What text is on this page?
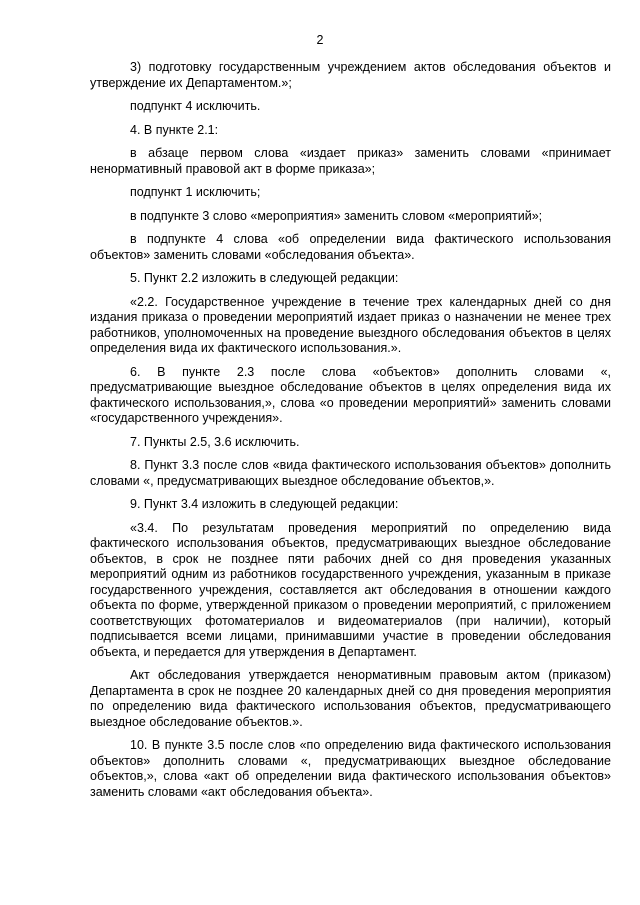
2

3) подготовку государственным учреждением актов обследования объектов и утверждение их Департаментом.»;

подпункт 4 исключить.

4. В пункте 2.1:

в абзаце первом слова «издает приказ» заменить словами «принимает ненормативный правовой акт в форме приказа»;

подпункт 1 исключить;

в подпункте 3 слово «мероприятия» заменить словом «мероприятий»;

в подпункте 4 слова «об определении вида фактического использования объектов» заменить словами «обследования объекта».

5. Пункт 2.2 изложить в следующей редакции:

«2.2. Государственное учреждение в течение трех календарных дней со дня издания приказа о проведении мероприятий издает приказ о назначении не менее трех работников, уполномоченных на проведение выездного обследования объектов в целях определения вида их фактического использования.».

6. В пункте 2.3 после слова «объектов» дополнить словами «, предусматривающие выездное обследование объектов в целях определения вида их фактического использования,», слова «о проведении мероприятий» заменить словами «государственного учреждения».

7. Пункты 2.5, 3.6 исключить.

8. Пункт 3.3 после слов «вида фактического использования объектов» дополнить словами «, предусматривающих выездное обследование объектов,».

9. Пункт 3.4 изложить в следующей редакции:

«3.4. По результатам проведения мероприятий по определению вида фактического использования объектов, предусматривающих выездное обследование объектов, в срок не позднее пяти рабочих дней со дня проведения указанных мероприятий одним из работников государственного учреждения, указанным в приказе государственного учреждения, составляется акт обследования в отношении каждого объекта по форме, утвержденной приказом о проведении мероприятий, с приложением соответствующих фотоматериалов и видеоматериалов (при наличии), который подписывается всеми лицами, принимавшими участие в проведении обследования объекта, и передается для утверждения в Департамент.

Акт обследования утверждается ненормативным правовым актом (приказом) Департамента в срок не позднее 20 календарных дней со дня проведения мероприятия по определению вида фактического использования объектов, предусматривающего выездное обследование объектов.».

10. В пункте 3.5 после слов «по определению вида фактического использования объектов» дополнить словами «, предусматривающих выездное обследование объектов,», слова «акт об определении вида фактического использования объектов» заменить словами «акт обследования объекта».
